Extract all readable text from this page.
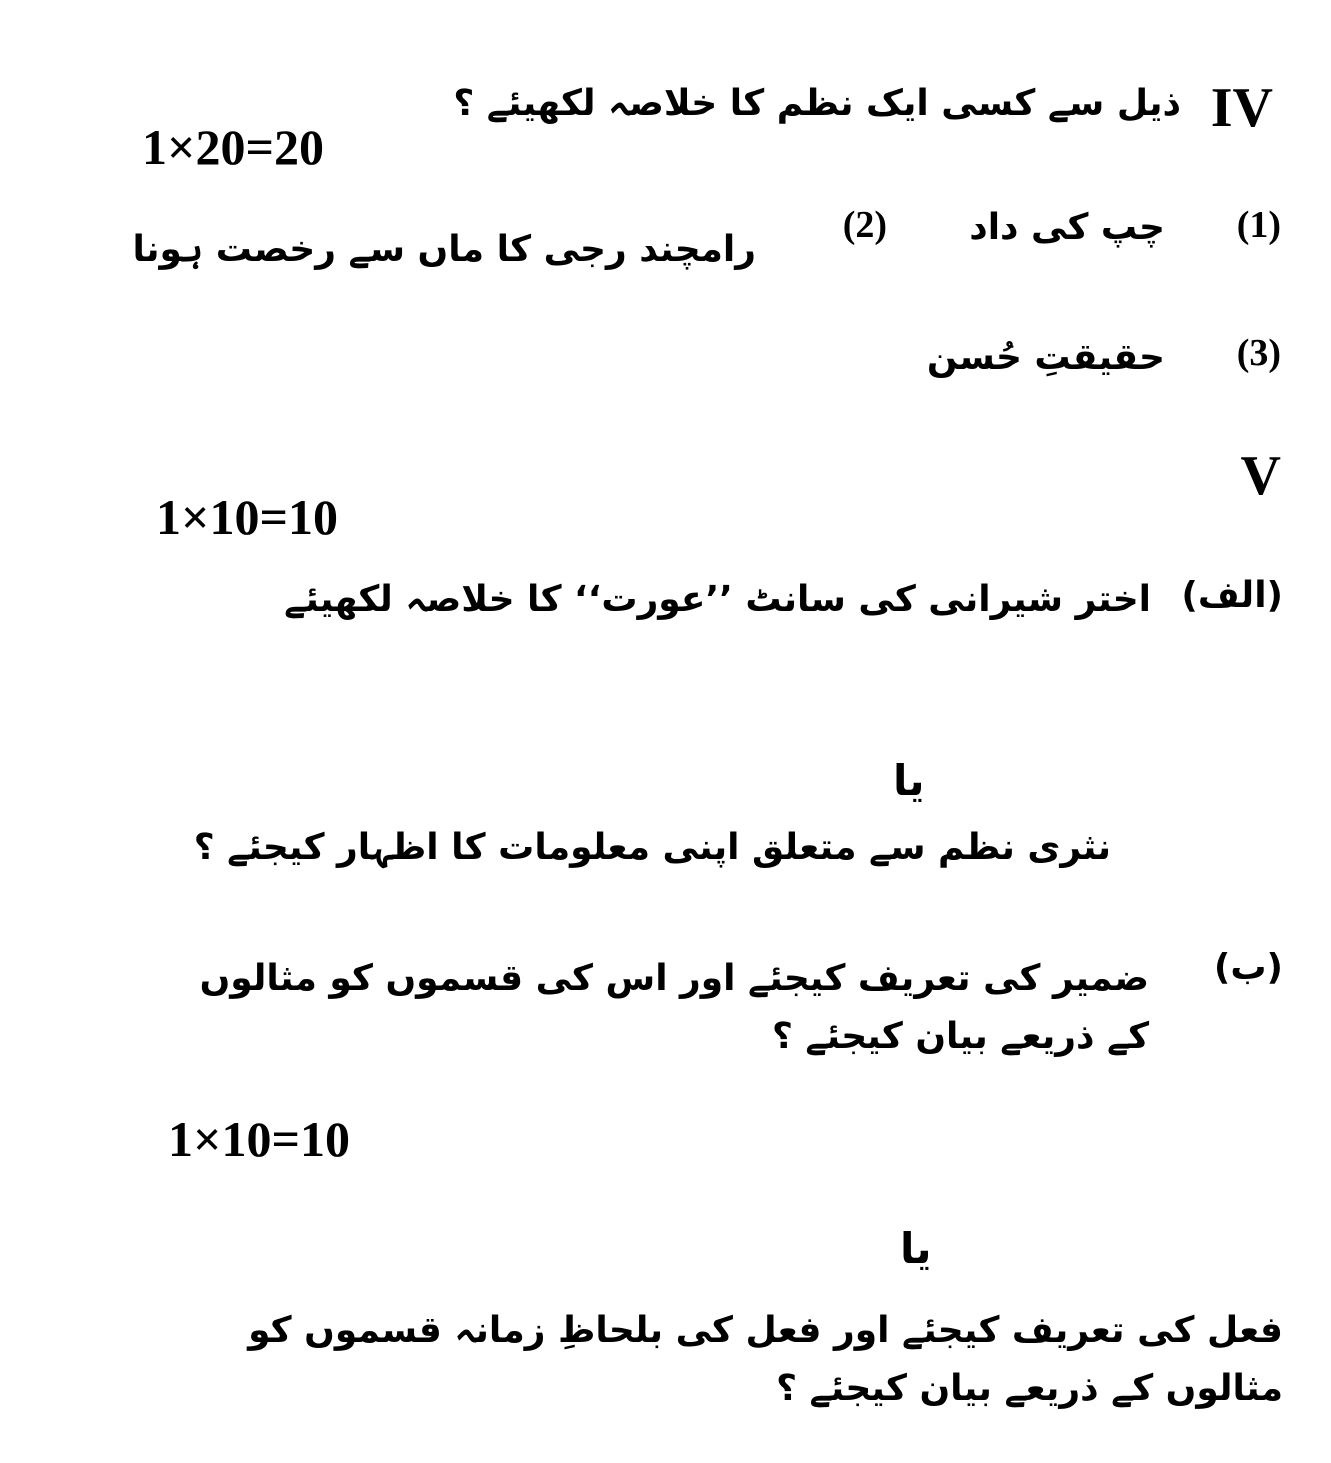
IV
ذیل سے کسی ایک نظم کا خلاصہ لکھیئے ؟
1×20=20
(1)
چپ کی داد
(2)
رامچند رجی کا ماں سے رخصت ہونا
(3)
حقیقتِ حُسن
V
1×10=10
(الف)
اختر شیرانی کی سانٹ ’’عورت‘‘ کا خلاصہ لکھیئے
یا
نثری نظم سے متعلق اپنی معلومات کا اظہار کیجئے ؟
(ب)
ضمیر کی تعریف کیجئے اور اس کی قسموں کو مثالوں کے ذریعے بیان کیجئے ؟
1×10=10
یا
فعل کی تعریف کیجئے اور فعل کی بلحاظِ زمانہ قسموں کو مثالوں کے ذریعے بیان کیجئے ؟
